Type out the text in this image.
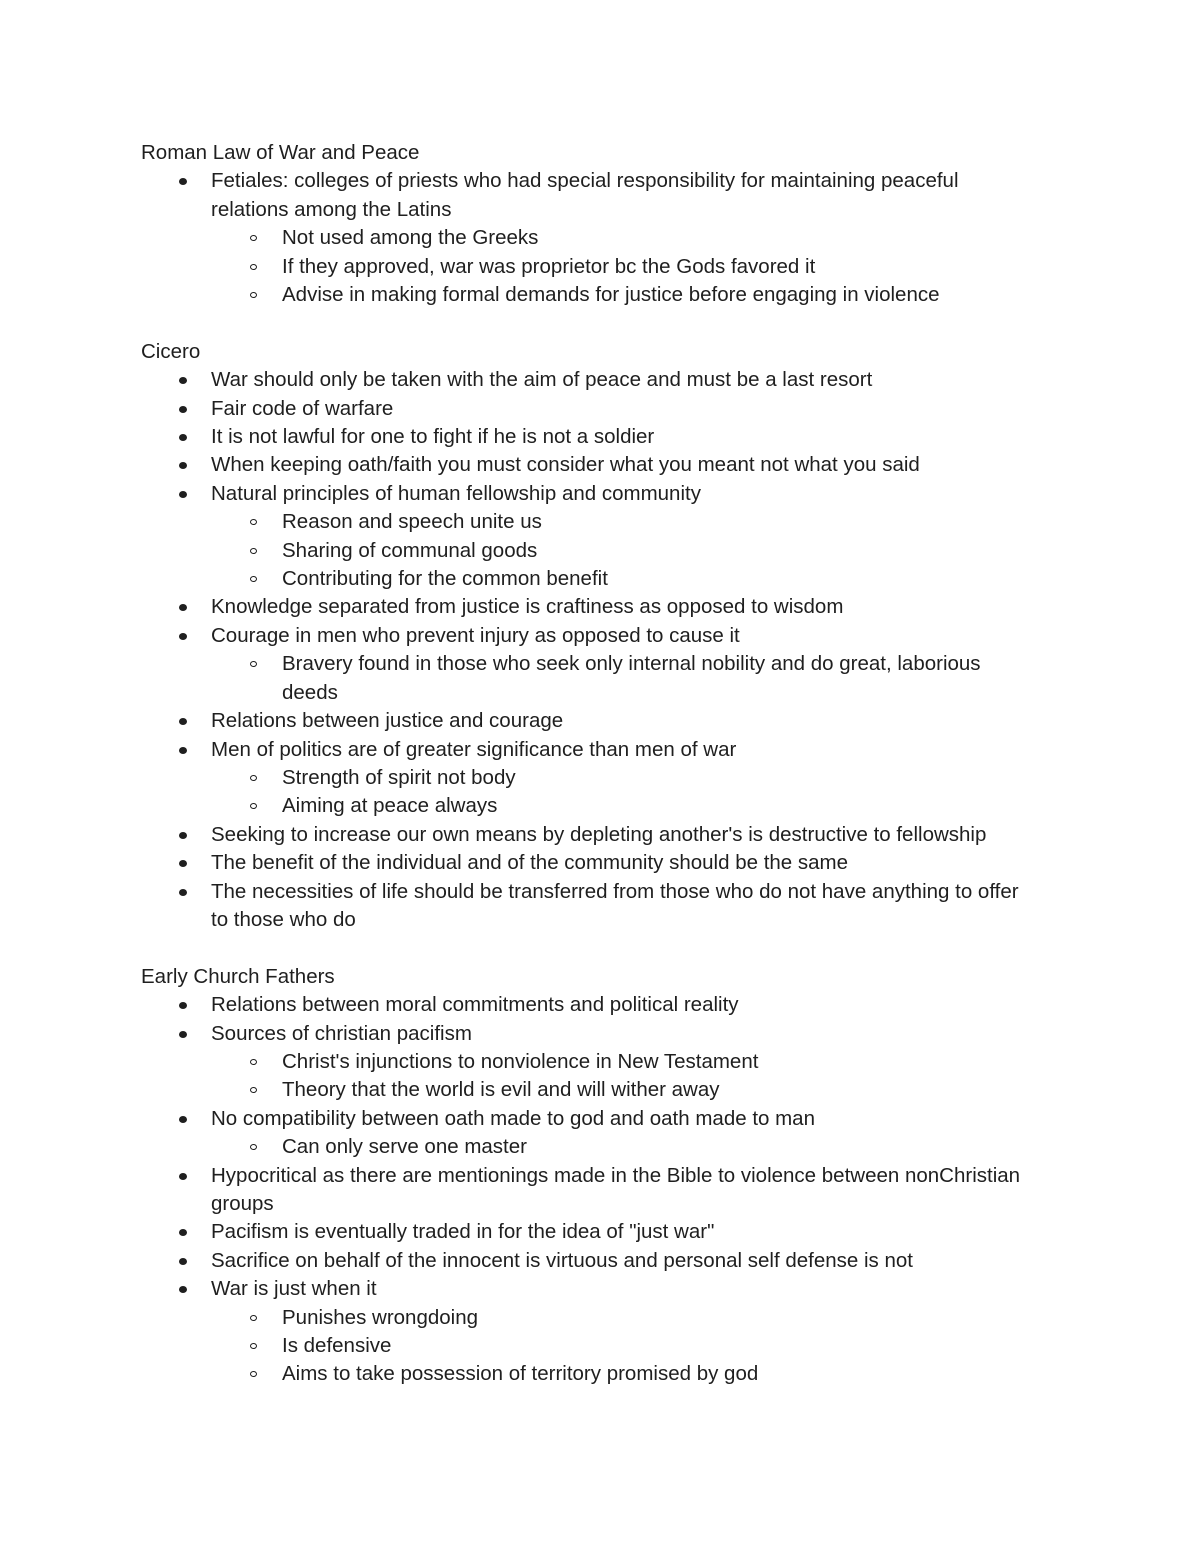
Roman Law of War and Peace

Fetiales: colleges of priests who had special responsibility for maintaining peaceful relations among the Latins
Not used among the Greeks
If they approved, war was proprietor bc the Gods favored it
Advise in making formal demands for justice before engaging in violence

Cicero

War should only be taken with the aim of peace and must be a last resort
Fair code of warfare
It is not lawful for one to fight if he is not a soldier
When keeping oath/faith you must consider what you meant not what you said
Natural principles of human fellowship and community
Reason and speech unite us
Sharing of communal goods
Contributing for the common benefit
Knowledge separated from justice is craftiness as opposed to wisdom
Courage in men who prevent injury as opposed to cause it
Bravery found in those who seek only internal nobility and do great, laborious deeds
Relations between justice and courage
Men of politics are of greater significance than men of war
Strength of spirit not body
Aiming at peace always
Seeking to increase our own means by depleting another's is destructive to fellowship
The benefit of the individual and of the community should be the same
The necessities of life should be transferred from those who do not have anything to offer to those who do

Early Church Fathers

Relations between moral commitments and political reality
Sources of christian pacifism
Christ's injunctions to nonviolence in New Testament
Theory that the world is evil and will wither away
No compatibility between oath made to god and oath made to man
Can only serve one master
Hypocritical as there are mentionings made in the Bible to violence between nonChristian groups
Pacifism is eventually traded in for the idea of "just war"
Sacrifice on behalf of the innocent is virtuous and personal self defense is not
War is just when it
Punishes wrongdoing
Is defensive
Aims to take possession of territory promised by god
